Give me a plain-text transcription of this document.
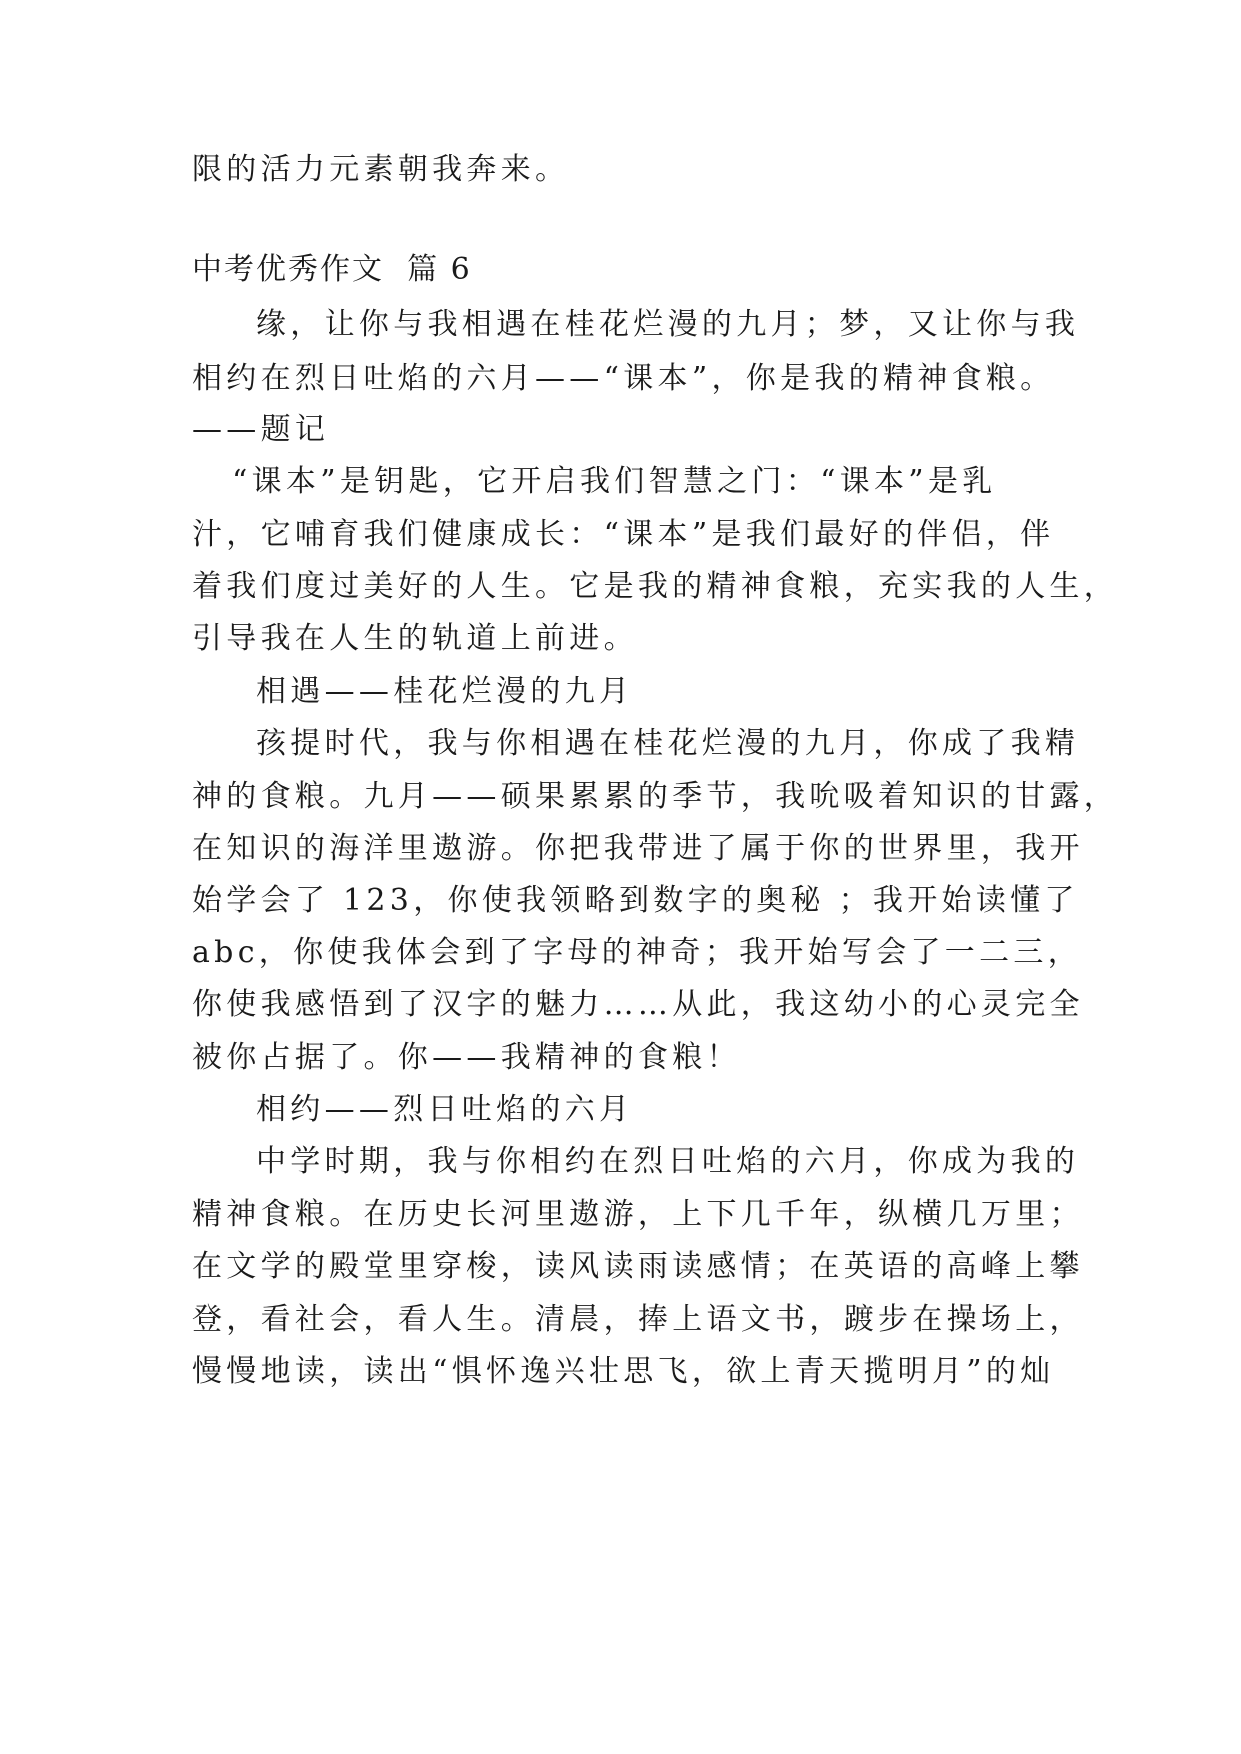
限的活力元素朝我奔来。
中考优秀作文  篇 6
缘，让你与我相遇在桂花烂漫的九月；梦，又让你与我
相约在烈日吐焰的六月——“课本”，你是我的精神食粮。
——题记
“课本”是钥匙，它开启我们智慧之门：“课本”是乳
汁，它哺育我们健康成长：“课本”是我们最好的伴侣，伴
着我们度过美好的人生。它是我的精神食粮，充实我的人生，
引导我在人生的轨道上前进。
相遇——桂花烂漫的九月
孩提时代，我与你相遇在桂花烂漫的九月，你成了我精
神的食粮。九月——硕果累累的季节，我吮吸着知识的甘露，
在知识的海洋里遨游。你把我带进了属于你的世界里，我开
始学会了 123，你使我领略到数字的奥秘 ；我开始读懂了
abc，你使我体会到了字母的神奇；我开始写会了一二三，
你使我感悟到了汉字的魅力……从此，我这幼小的心灵完全
被你占据了。你——我精神的食粮！
相约——烈日吐焰的六月
中学时期，我与你相约在烈日吐焰的六月，你成为我的
精神食粮。在历史长河里遨游，上下几千年，纵横几万里；
在文学的殿堂里穿梭，读风读雨读感情；在英语的高峰上攀
登，看社会，看人生。清晨，捧上语文书，踱步在操场上，
慢慢地读，读出“惧怀逸兴壮思飞，欲上青天揽明月”的灿
